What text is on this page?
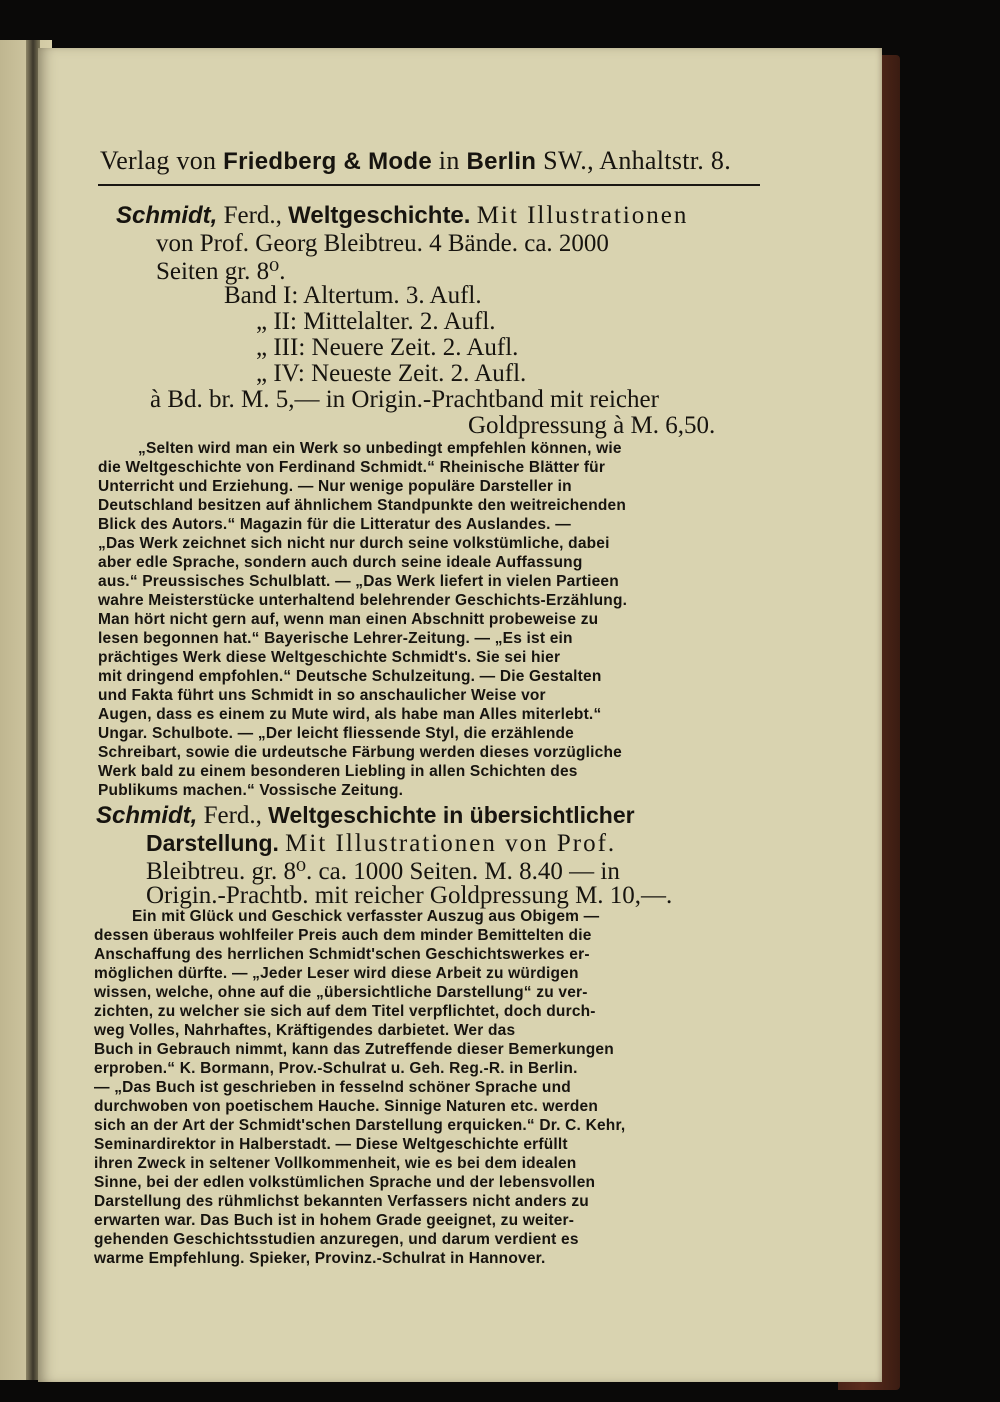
Verlag von Friedberg & Mode in Berlin SW., Anhaltstr. 8.
Schmidt, Ferd., Weltgeschichte. Mit Illustrationen
von Prof. Georg Bleibtreu. 4 Bände. ca. 2000
Seiten gr. 8⁰.
Band I: Altertum. 3. Aufl.
„ II: Mittelalter. 2. Aufl.
„ III: Neuere Zeit. 2. Aufl.
„ IV: Neueste Zeit. 2. Aufl.
à Bd. br. M. 5,— in Origin.-Prachtband mit reicher
Goldpressung à M. 6,50.
„Selten wird man ein Werk so unbedingt empfehlen können, wie
die Weltgeschichte von Ferdinand Schmidt.“ Rheinische Blätter für
Unterricht und Erziehung. — Nur wenige populäre Darsteller in
Deutschland besitzen auf ähnlichem Standpunkte den weitreichenden
Blick des Autors.“ Magazin für die Litteratur des Auslandes. —
„Das Werk zeichnet sich nicht nur durch seine volkstümliche, dabei
aber edle Sprache, sondern auch durch seine ideale Auffassung
aus.“ Preussisches Schulblatt. — „Das Werk liefert in vielen Partieen
wahre Meisterstücke unterhaltend belehrender Geschichts-Erzählung.
Man hört nicht gern auf, wenn man einen Abschnitt probeweise zu
lesen begonnen hat.“ Bayerische Lehrer-Zeitung. — „Es ist ein
prächtiges Werk diese Weltgeschichte Schmidt's. Sie sei hier
mit dringend empfohlen.“ Deutsche Schulzeitung. — Die Gestalten
und Fakta führt uns Schmidt in so anschaulicher Weise vor
Augen, dass es einem zu Mute wird, als habe man Alles miterlebt.“
Ungar. Schulbote. — „Der leicht fliessende Styl, die erzählende
Schreibart, sowie die urdeutsche Färbung werden dieses vorzügliche
Werk bald zu einem besonderen Liebling in allen Schichten des
Publikums machen.“ Vossische Zeitung.
Schmidt, Ferd., Weltgeschichte in übersichtlicher
Darstellung. Mit Illustrationen von Prof.
Bleibtreu. gr. 8⁰. ca. 1000 Seiten. M. 8.40 — in
Origin.-Prachtb. mit reicher Goldpressung M. 10,—.
Ein mit Glück und Geschick verfasster Auszug aus Obigem —
dessen überaus wohlfeiler Preis auch dem minder Bemittelten die
Anschaffung des herrlichen Schmidt'schen Geschichtswerkes er-
möglichen dürfte. — „Jeder Leser wird diese Arbeit zu würdigen
wissen, welche, ohne auf die „übersichtliche Darstellung“ zu ver-
zichten, zu welcher sie sich auf dem Titel verpflichtet, doch durch-
weg Volles, Nahrhaftes, Kräftigendes darbietet. Wer das
Buch in Gebrauch nimmt, kann das Zutreffende dieser Bemerkungen
erproben.“ K. Bormann, Prov.-Schulrat u. Geh. Reg.-R. in Berlin.
— „Das Buch ist geschrieben in fesselnd schöner Sprache und
durchwoben von poetischem Hauche. Sinnige Naturen etc. werden
sich an der Art der Schmidt'schen Darstellung erquicken.“ Dr. C. Kehr,
Seminardirektor in Halberstadt. — Diese Weltgeschichte erfüllt
ihren Zweck in seltener Vollkommenheit, wie es bei dem idealen
Sinne, bei der edlen volkstümlichen Sprache und der lebensvollen
Darstellung des rühmlichst bekannten Verfassers nicht anders zu
erwarten war. Das Buch ist in hohem Grade geeignet, zu weiter-
gehenden Geschichtsstudien anzuregen, und darum verdient es
warme Empfehlung. Spieker, Provinz.-Schulrat in Hannover.
